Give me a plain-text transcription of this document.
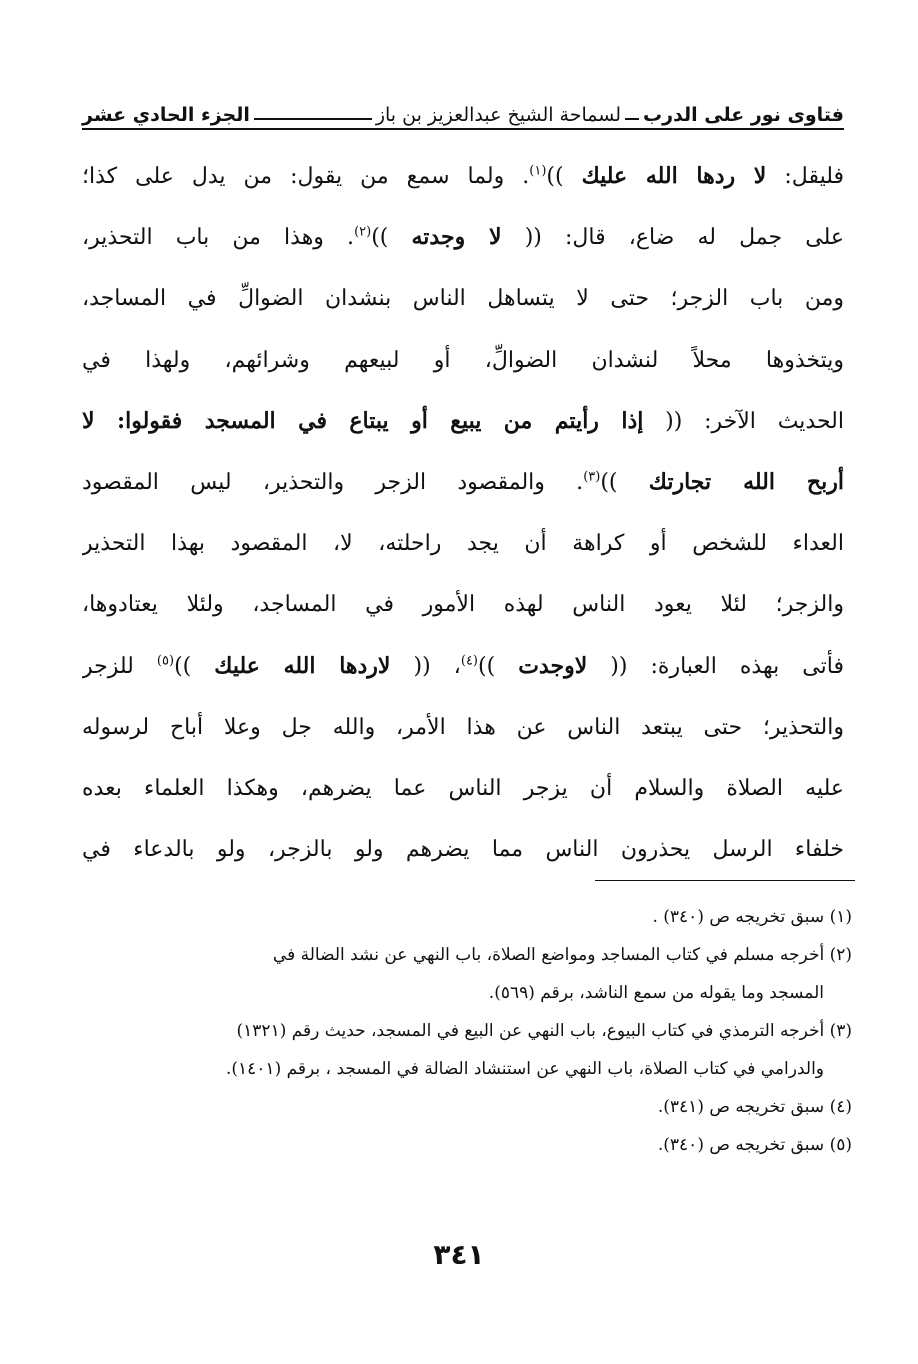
فتاوى نور على الدرب
لسماحة الشيخ عبدالعزيز بن باز
الجزء الحادي عشر
فليقل: لا ردها الله عليك ))$^{(١)}$. ولما سمع من يقول: من يدل على كذا؛
على جمل له ضاع، قال: (( لا وجدته ))$^{(٢)}$. وهذا من باب التحذير،
ومن باب الزجر؛ حتى لا يتساهل الناس بنشدان الضوالِّ في المساجد،
ويتخذوها محلاً لنشدان الضوالِّ، أو لبيعهم وشرائهم، ولهذا في
الحديث الآخر: (( إذا رأيتم من يبيع أو يبتاع في المسجد فقولوا: لا
أربح الله تجارتك ))$^{(٣)}$. والمقصود الزجر والتحذير، ليس المقصود
العداء للشخص أو كراهة أن يجد راحلته، لا، المقصود بهذا التحذير
والزجر؛ لئلا يعود الناس لهذه الأمور في المساجد، ولئلا يعتادوها،
فأتى بهذه العبارة: (( لاوجدت ))$^{(٤)}$، (( لاردها الله عليك ))$^{(٥)}$ للزجر
والتحذير؛ حتى يبتعد الناس عن هذا الأمر، والله جل وعلا أباح لرسوله
عليه الصلاة والسلام أن يزجر الناس عما يضرهم، وهكذا العلماء بعده
خلفاء الرسل يحذرون الناس مما يضرهم ولو بالزجر، ولو بالدعاء في
(١) سبق تخريجه ص (٣٤٠) .
(٢) أخرجه مسلم في كتاب المساجد ومواضع الصلاة، باب النهي عن نشد الضالة في
المسجد وما يقوله من سمع الناشد، برقم (٥٦٩).
(٣) أخرجه الترمذي في كتاب البيوع، باب النهي عن البيع في المسجد، حديث رقم (١٣٢١)
والدرامي في كتاب الصلاة، باب النهي عن استنشاد الضالة في المسجد ، برقم (١٤٠١).
(٤) سبق تخريجه ص (٣٤١).
(٥) سبق تخريجه ص (٣٤٠).
٣٤١
